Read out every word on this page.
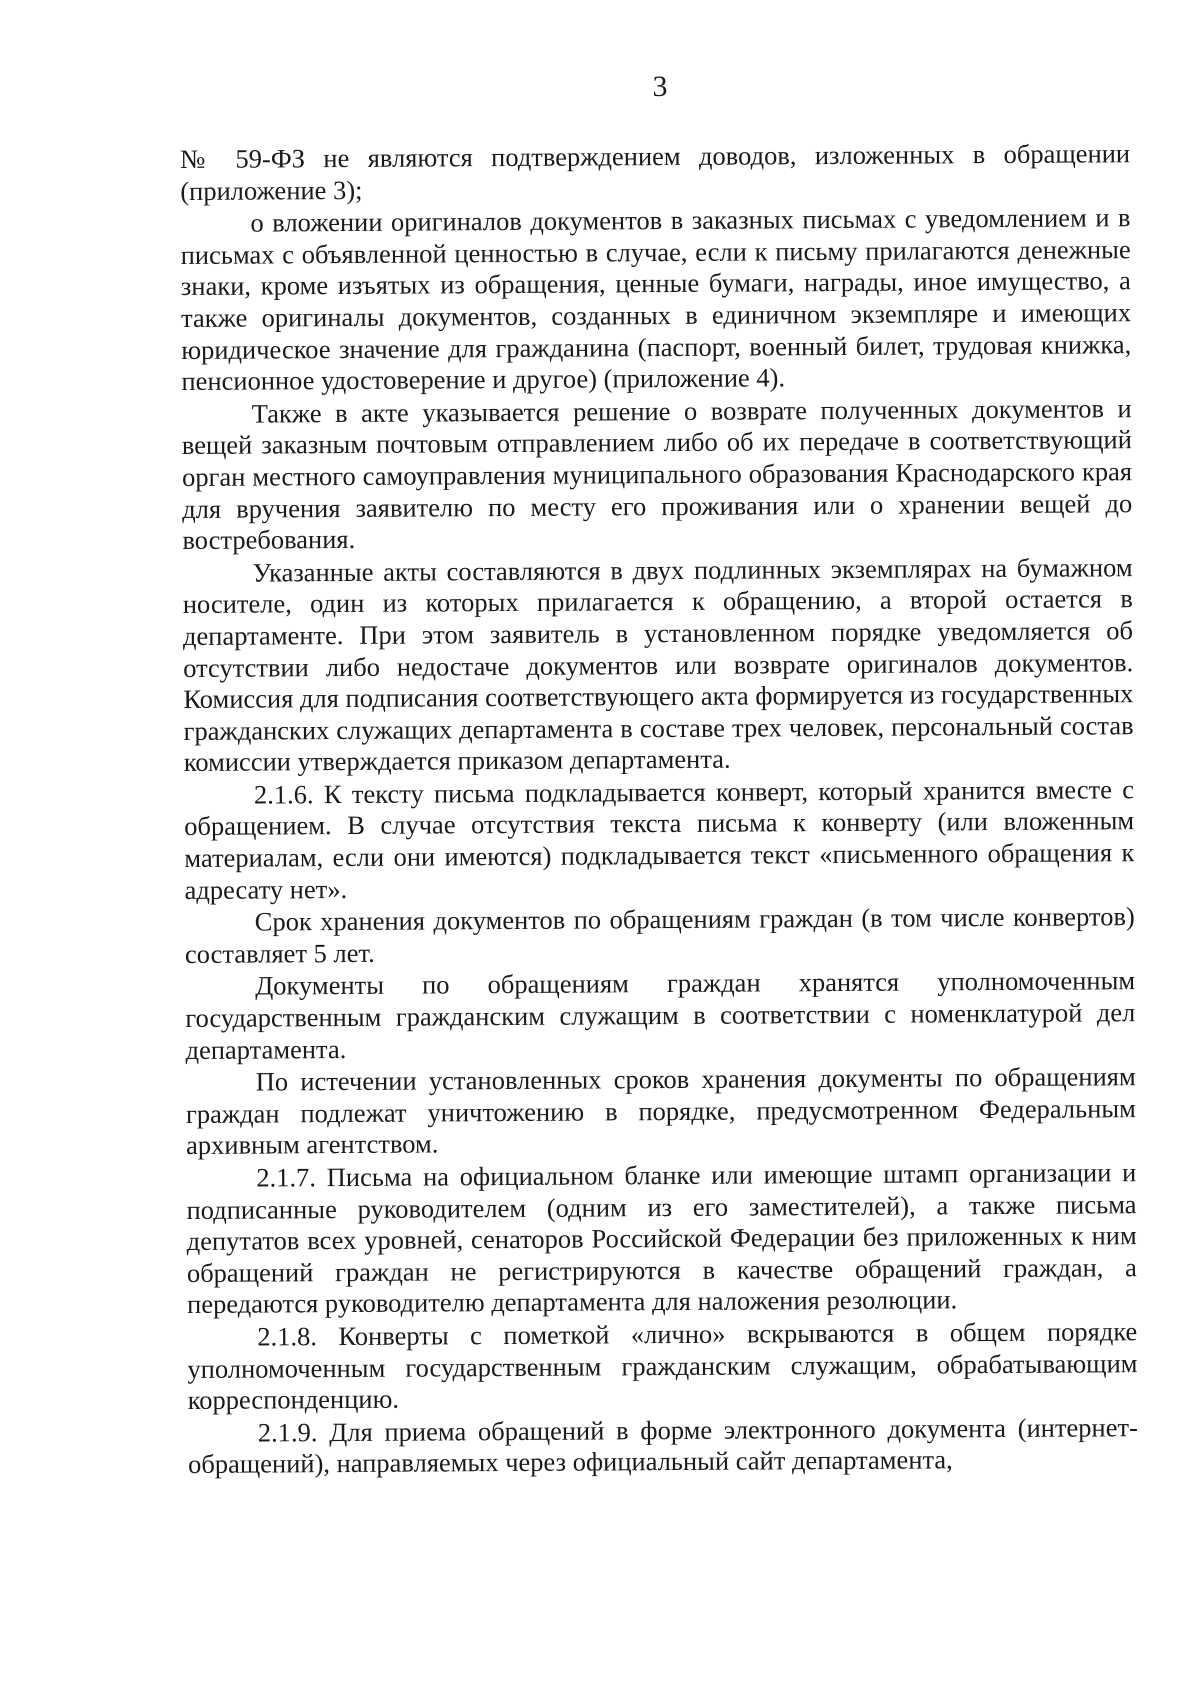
3

№ 59-ФЗ не являются подтверждением доводов, изложенных в обращении (приложение 3);

о вложении оригиналов документов в заказных письмах с уведомлением и в письмах с объявленной ценностью в случае, если к письму прилагаются денежные знаки, кроме изъятых из обращения, ценные бумаги, награды, иное имущество, а также оригиналы документов, созданных в единичном экземпляре и имеющих юридическое значение для гражданина (паспорт, военный билет, трудовая книжка, пенсионное удостоверение и другое) (приложение 4).

Также в акте указывается решение о возврате полученных документов и вещей заказным почтовым отправлением либо об их передаче в соответствующий орган местного самоуправления муниципального образования Краснодарского края для вручения заявителю по месту его проживания или о хранении вещей до востребования.

Указанные акты составляются в двух подлинных экземплярах на бумажном носителе, один из которых прилагается к обращению, а второй остается в департаменте. При этом заявитель в установленном порядке уведомляется об отсутствии либо недостаче документов или возврате оригиналов документов. Комиссия для подписания соответствующего акта формируется из государственных гражданских служащих департамента в составе трех человек, персональный состав комиссии утверждается приказом департамента.

2.1.6. К тексту письма подкладывается конверт, который хранится вместе с обращением. В случае отсутствия текста письма к конверту (или вложенным материалам, если они имеются) подкладывается текст «письменного обращения к адресату нет».

Срок хранения документов по обращениям граждан (в том числе конвертов) составляет 5 лет.

Документы по обращениям граждан хранятся уполномоченным государственным гражданским служащим в соответствии с номенклатурой дел департамента.

По истечении установленных сроков хранения документы по обращениям граждан подлежат уничтожению в порядке, предусмотренном Федеральным архивным агентством.

2.1.7. Письма на официальном бланке или имеющие штамп организации и подписанные руководителем (одним из его заместителей), а также письма депутатов всех уровней, сенаторов Российской Федерации без приложенных к ним обращений граждан не регистрируются в качестве обращений граждан, а передаются руководителю департамента для наложения резолюции.

2.1.8. Конверты с пометкой «лично» вскрываются в общем порядке уполномоченным государственным гражданским служащим, обрабатывающим корреспонденцию.

2.1.9. Для приема обращений в форме электронного документа (интернет-обращений), направляемых через официальный сайт департамента,
